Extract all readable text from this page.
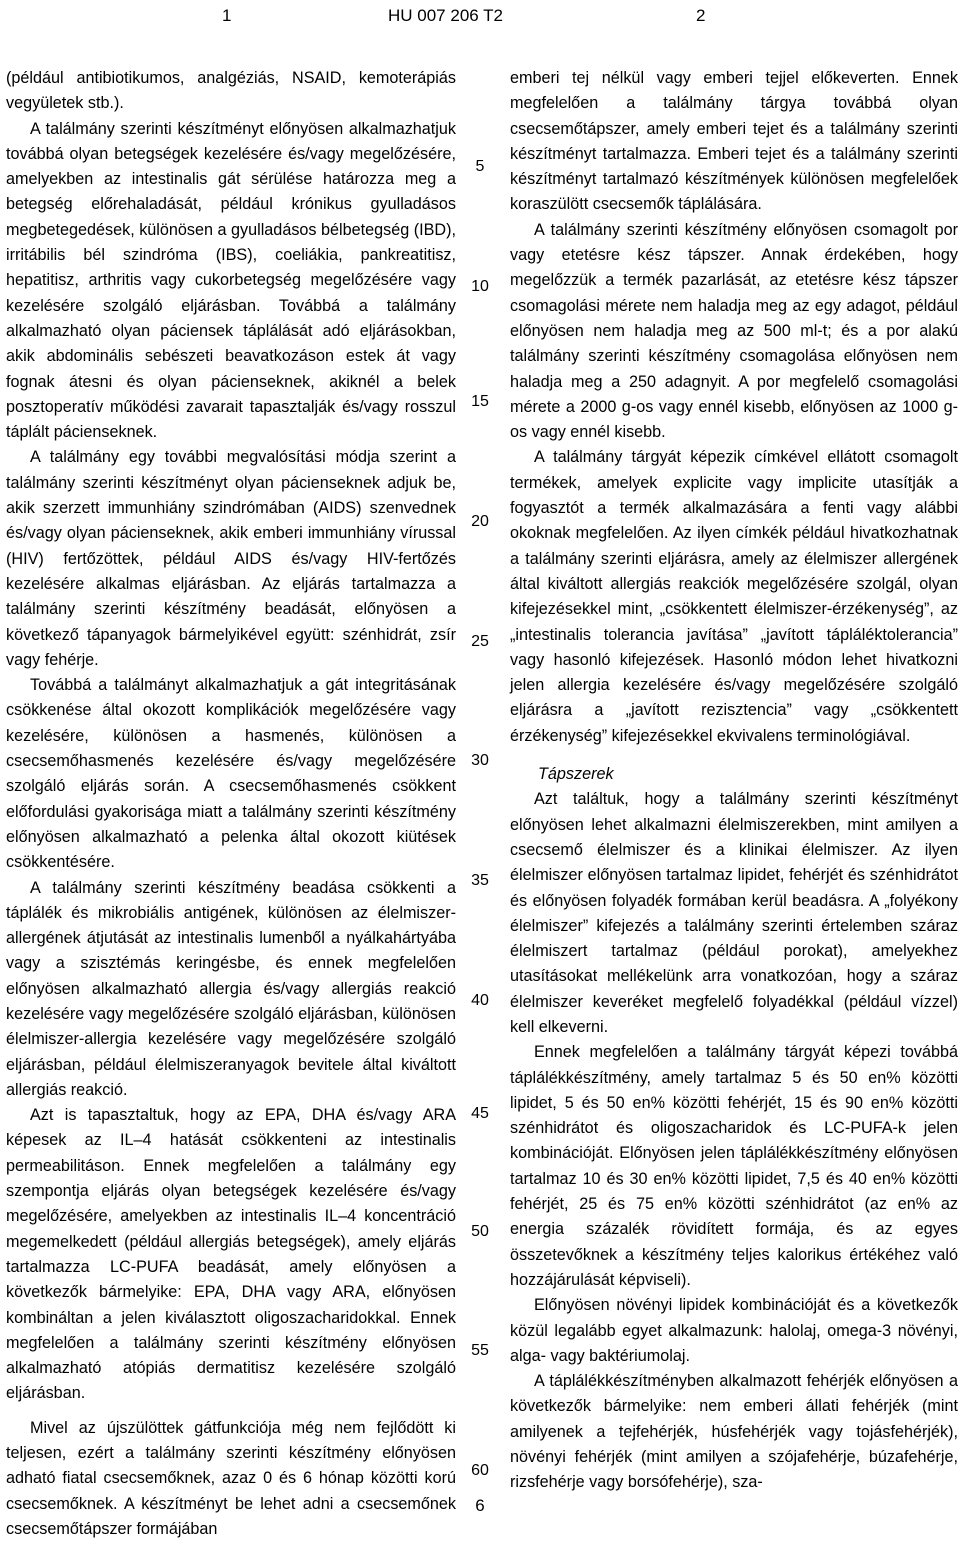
1	HU 007 206 T2	2

(például antibiotikumos, analgéziás, NSAID, kemoterápiás vegyületek stb.).

A találmány szerinti készítményt előnyösen alkalmazhatjuk továbbá olyan betegségek kezelésére és/vagy megelőzésére, amelyekben az intestinalis gát sérülése határozza meg a betegség előrehaladását, például krónikus gyulladásos megbetegedések, különösen a gyulladásos bélbetegség (IBD), irritábilis bél szindróma (IBS), coeliákia, pankreatitisz, hepatitisz, arthritis vagy cukorbetegség megelőzésére vagy kezelésére szolgáló eljárásban. Továbbá a találmány alkalmazható olyan páciensek táplálását adó eljárásokban, akik abdominális sebészeti beavatkozáson estek át vagy fognak átesni és olyan pácienseknek, akiknél a belek posztoperatív működési zavarait tapasztalják és/vagy rosszul táplált pácienseknek.

A találmány egy további megvalósítási módja szerint a találmány szerinti készítményt olyan pácienseknek adjuk be, akik szerzett immunhiány szindrómában (AIDS) szenvednek és/vagy olyan pácienseknek, akik emberi immunhiány vírussal (HIV) fertőzöttek, például AIDS és/vagy HIV-fertőzés kezelésére alkalmas eljárásban. Az eljárás tartalmazza a találmány szerinti készítmény beadását, előnyösen a következő tápanyagok bármelyikével együtt: szénhidrát, zsír vagy fehérje.

Továbbá a találmányt alkalmazhatjuk a gát integritásának csökkenése által okozott komplikációk megelőzésére vagy kezelésére, különösen a hasmenés, különösen a csecsemőhasmenés kezelésére és/vagy megelőzésére szolgáló eljárás során. A csecsemőhasmenés csökkent előfordulási gyakorisága miatt a találmány szerinti készítmény előnyösen alkalmazható a pelenka által okozott kiütések csökkentésére.

A találmány szerinti készítmény beadása csökkenti a táplálék és mikrobiális antigének, különösen az élelmiszer-allergének átjutását az intestinalis lumenből a nyálkahártyába vagy a szisztémás keringésbe, és ennek megfelelően előnyösen alkalmazható allergia és/vagy allergiás reakció kezelésére vagy megelőzésére szolgáló eljárásban, különösen élelmiszer-allergia kezelésére vagy megelőzésére szolgáló eljárásban, például élelmiszeranyagok bevitele által kiváltott allergiás reakció.

Azt is tapasztaltuk, hogy az EPA, DHA és/vagy ARA képesek az IL–4 hatását csökkenteni az intestinalis permeabilitáson. Ennek megfelelően a találmány egy szempontja eljárás olyan betegségek kezelésére és/vagy megelőzésére, amelyekben az intestinalis IL–4 koncentráció megemelkedett (például allergiás betegségek), amely eljárás tartalmazza LC-PUFA beadását, amely előnyösen a következők bármelyike: EPA, DHA vagy ARA, előnyösen kombináltan a jelen kiválasztott oligoszacharidokkal. Ennek megfelelően a találmány szerinti készítmény előnyösen alkalmazható atópiás dermatitisz kezelésére szolgáló eljárásban.

Mivel az újszülöttek gátfunkciója még nem fejlődött ki teljesen, ezért a találmány szerinti készítmény előnyösen adható fiatal csecsemőknek, azaz 0 és 6 hónap közötti korú csecsemőknek. A készítményt be lehet adni a csecsemőnek csecsemőtápszer formájában

emberi tej nélkül vagy emberi tejjel előkeverten. Ennek megfelelően a találmány tárgya továbbá olyan csecsemőtápszer, amely emberi tejet és a találmány szerinti készítményt tartalmazza. Emberi tejet és a találmány szerinti készítményt tartalmazó készítmények különösen megfelelőek koraszülött csecsemők táplálására.

A találmány szerinti készítmény előnyösen csomagolt por vagy etetésre kész tápszer. Annak érdekében, hogy megelőzzük a termék pazarlását, az etetésre kész tápszer csomagolási mérete nem haladja meg az egy adagot, például előnyösen nem haladja meg az 500 ml-t; és a por alakú találmány szerinti készítmény csomagolása előnyösen nem haladja meg a 250 adagnyit. A por megfelelő csomagolási mérete a 2000 g-os vagy ennél kisebb, előnyösen az 1000 g-os vagy ennél kisebb.

A találmány tárgyát képezik címkével ellátott csomagolt termékek, amelyek explicite vagy implicite utasítják a fogyasztót a termék alkalmazására a fenti vagy alábbi okoknak megfelelően. Az ilyen címkék például hivatkozhatnak a találmány szerinti eljárásra, amely az élelmiszer allergének által kiváltott allergiás reakciók megelőzésére szolgál, olyan kifejezésekkel mint, „csökkentett élelmiszer-érzékenység”, az „intestinalis tolerancia javítása” „javított tápláléktolerancia” vagy hasonló kifejezések. Hasonló módon lehet hivatkozni jelen allergia kezelésére és/vagy megelőzésére szolgáló eljárásra a „javított rezisztencia” vagy „csökkentett érzékenység” kifejezésekkel ekvivalens terminológiával.

Tápszerek

Azt találtuk, hogy a találmány szerinti készítményt előnyösen lehet alkalmazni élelmiszerekben, mint amilyen a csecsemő élelmiszer és a klinikai élelmiszer. Az ilyen élelmiszer előnyösen tartalmaz lipidet, fehérjét és szénhidrátot és előnyösen folyadék formában kerül beadásra. A „folyékony élelmiszer” kifejezés a találmány szerinti értelemben száraz élelmiszert tartalmaz (például porokat), amelyekhez utasításokat mellékelünk arra vonatkozóan, hogy a száraz élelmiszer keveréket megfelelő folyadékkal (például vízzel) kell elkeverni.

Ennek megfelelően a találmány tárgyát képezi továbbá táplálékkészítmény, amely tartalmaz 5 és 50 en% közötti lipidet, 5 és 50 en% közötti fehérjét, 15 és 90 en% közötti szénhidrátot és oligoszacharidok és LC-PUFA-k jelen kombinációját. Előnyösen jelen táplálékkészítmény előnyösen tartalmaz 10 és 30 en% közötti lipidet, 7,5 és 40 en% közötti fehérjét, 25 és 75 en% közötti szénhidrátot (az en% az energia százalék rövidített formája, és az egyes összetevőknek a készítmény teljes kalorikus értékéhez való hozzájárulását képviseli).

Előnyösen növényi lipidek kombinációját és a következők közül legalább egyet alkalmazunk: halolaj, omega-3 növényi, alga- vagy baktériumolaj.

A táplálékkészítményben alkalmazott fehérjék előnyösen a következők bármelyike: nem emberi állati fehérjék (mint amilyenek a tejfehérjék, húsfehérjék vagy tojásfehérjék), növényi fehérjék (mint amilyen a szójafehérje, búzafehérje, rizsfehérje vagy borsófehérje), sza-

5
10
15
20
25
30
35
40
45
50
55
60
6
